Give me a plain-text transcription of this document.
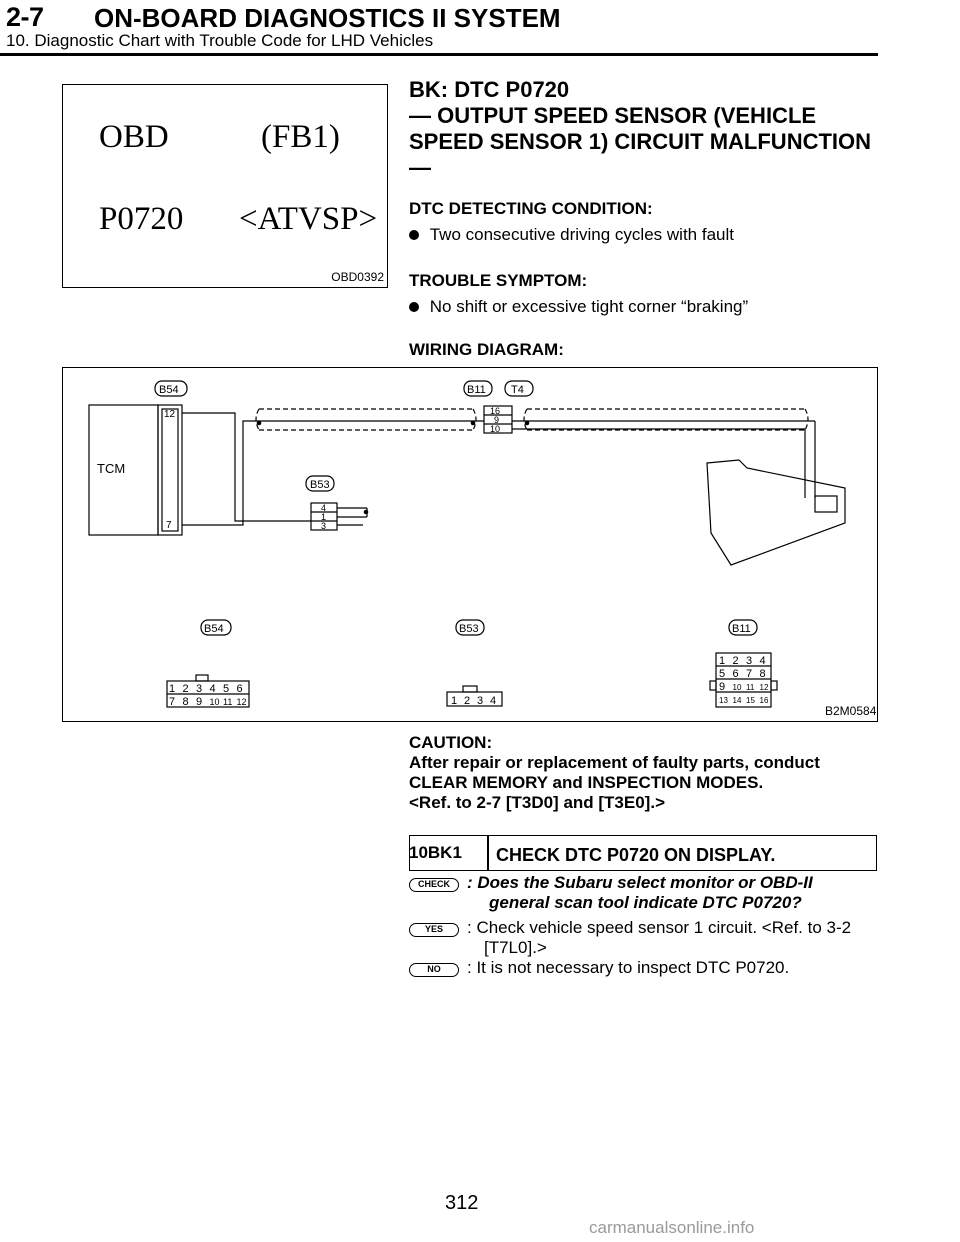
2-7 ON-BOARD DIAGNOSTICS II SYSTEM
10. Diagnostic Chart with Trouble Code for LHD Vehicles
OBD	(FB1)
P0720 <ATVSP>
OBD0392
BK: DTC P0720
— OUTPUT SPEED SENSOR (VEHICLE
SPEED SENSOR 1) CIRCUIT MALFUNCTION
—
DTC DETECTING CONDITION:
Two consecutive driving cycles with fault
TROUBLE SYMPTOM:
No shift or excessive tight corner “braking”
WIRING DIAGRAM:
TCM
B54	B11 T4
B53
12
7
16
9
10
4
1
3
B54	B53	B11
1 2 3 4 5 6
7 8 9 10 11 12	1 2 3 4
1 2 3 4
5 6 7 8
9 10 11 12
13 14 15 16
B2M0584
CAUTION:
After repair or replacement of faulty parts, conduct
CLEAR MEMORY and INSPECTION MODES.
<Ref. to 2-7 [T3D0] and [T3E0].>
10BK1 CHECK DTC P0720 ON DISPLAY.
CHECK	: Does the Subaru select monitor or OBD-II
general scan tool indicate DTC P0720?
YES	: Check vehicle speed sensor 1 circuit. <Ref. to 3-2
[T7L0].>
NO	: It is not necessary to inspect DTC P0720.
312
carmanualsonline.info
